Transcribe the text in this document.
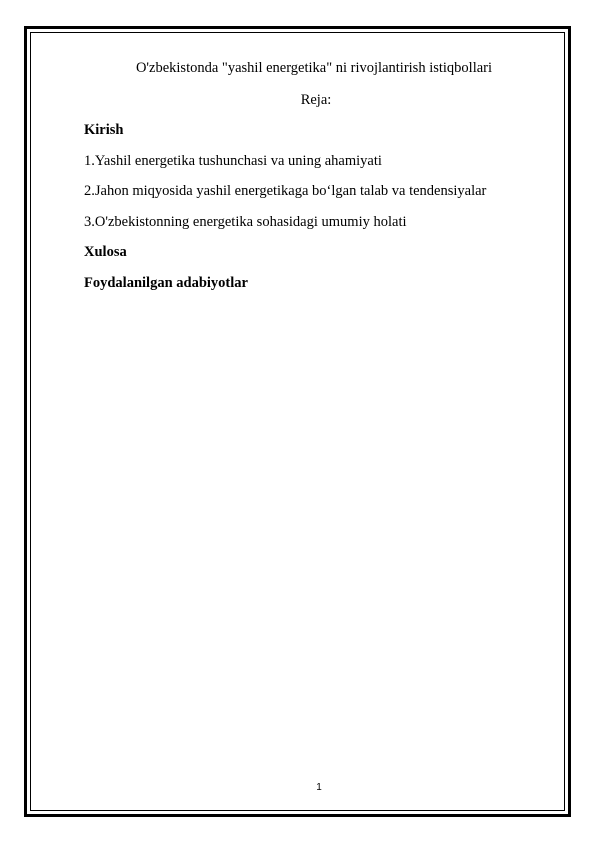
O'zbekistonda "yashil energetika" ni rivojlantirish istiqbollari
Reja:
Kirish
1.Yashil energetika tushunchasi va uning ahamiyati
2.Jahon miqyosida yashil energetikaga bo‘lgan talab va tendensiyalar
3.O'zbekistonning energetika sohasidagi umumiy holati
Xulosa
Foydalanilgan adabiyotlar
1
